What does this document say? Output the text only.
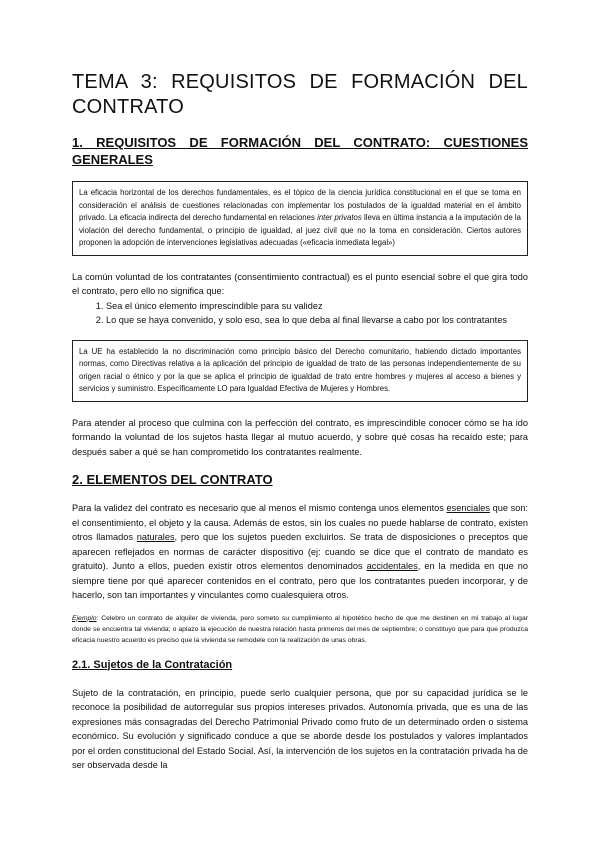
TEMA 3: REQUISITOS DE FORMACIÓN DEL CONTRATO
1. REQUISITOS DE FORMACIÓN DEL CONTRATO: CUESTIONES GENERALES

La eficacia horizontal de los derechos fundamentales, es el tópico de la ciencia jurídica constitucional en el que se toma en consideración el análisis de cuestiones relacionadas con implementar los postulados de la igualdad material en el ámbito privado. La eficacia indirecta del derecho fundamental en relaciones inter privatos lleva en última instancia a la imputación de la violación del derecho fundamental, o principio de igualdad, al juez civil que no la toma en consideración. Ciertos autores proponen la adopción de intervenciones legislativas adecuadas («eficacia inmediata legal»)

La común voluntad de los contratantes (consentimiento contractual) es el punto esencial sobre el que gira todo el contrato, pero ello no significa que:

1. Sea el único elemento imprescindible para su validez
2. Lo que se haya convenido, y solo eso, sea lo que deba al final llevarse a cabo por los contratantes

La UE ha establecido la no discriminación como principio básico del Derecho comunitario, habiendo dictado importantes normas, como Directivas relativa a la aplicación del principio de igualdad de trato de las personas independientemente de su origen racial o étnico y por la que se aplica el principio de igualdad de trato entre hombres y mujeres al acceso a bienes y servicios y suministro. Específicamente LO para Igualdad Efectiva de Mujeres y Hombres.

Para atender al proceso que culmina con la perfección del contrato, es imprescindible conocer cómo se ha ido formando la voluntad de los sujetos hasta llegar al mutuo acuerdo, y sobre qué cosas ha recaído este; para después saber a qué se han comprometido los contratantes realmente.

2. ELEMENTOS DEL CONTRATO

Para la validez del contrato es necesario que al menos el mismo contenga unos elementos esenciales que son: el consentimiento, el objeto y la causa. Además de estos, sin los cuales no puede hablarse de contrato, existen otros llamados naturales, pero que los sujetos pueden excluirlos. Se trata de disposiciones o preceptos que aparecen reflejados en normas de carácter dispositivo (ej: cuando se dice que el contrato de mandato es gratuito). Junto a ellos, pueden existir otros elementos denominados accidentales, en la medida en que no siempre tiene por qué aparecer contenidos en el contrato, pero que los contratantes pueden incorporar, y de hacerlo, son tan importantes y vinculantes como cualesquiera otros.

Ejemplo: Celebro un contrato de alquiler de vivienda, pero someto su cumplimiento al hipotético hecho de que me destinen en mi trabajo al lugar donde se encuentra tal vivienda; o aplazo la ejecución de nuestra relación hasta primeros del mes de septiembre; o constituyo que para que produzca eficacia nuestro acuerdo es preciso que la vivienda se remodele con la realización de unas obras.

2.1. Sujetos de la Contratación

Sujeto de la contratación, en principio, puede serlo cualquier persona, que por su capacidad jurídica se le reconoce la posibilidad de autorregular sus propios intereses privados. Autonomía privada, que es una de las expresiones más consagradas del Derecho Patrimonial Privado como fruto de un determinado orden o sistema económico. Su evolución y significado conduce a que se aborde desde los postulados y valores implantados por el orden constitucional del Estado Social. Así, la intervención de los sujetos en la contratación privada ha de ser observada desde la
